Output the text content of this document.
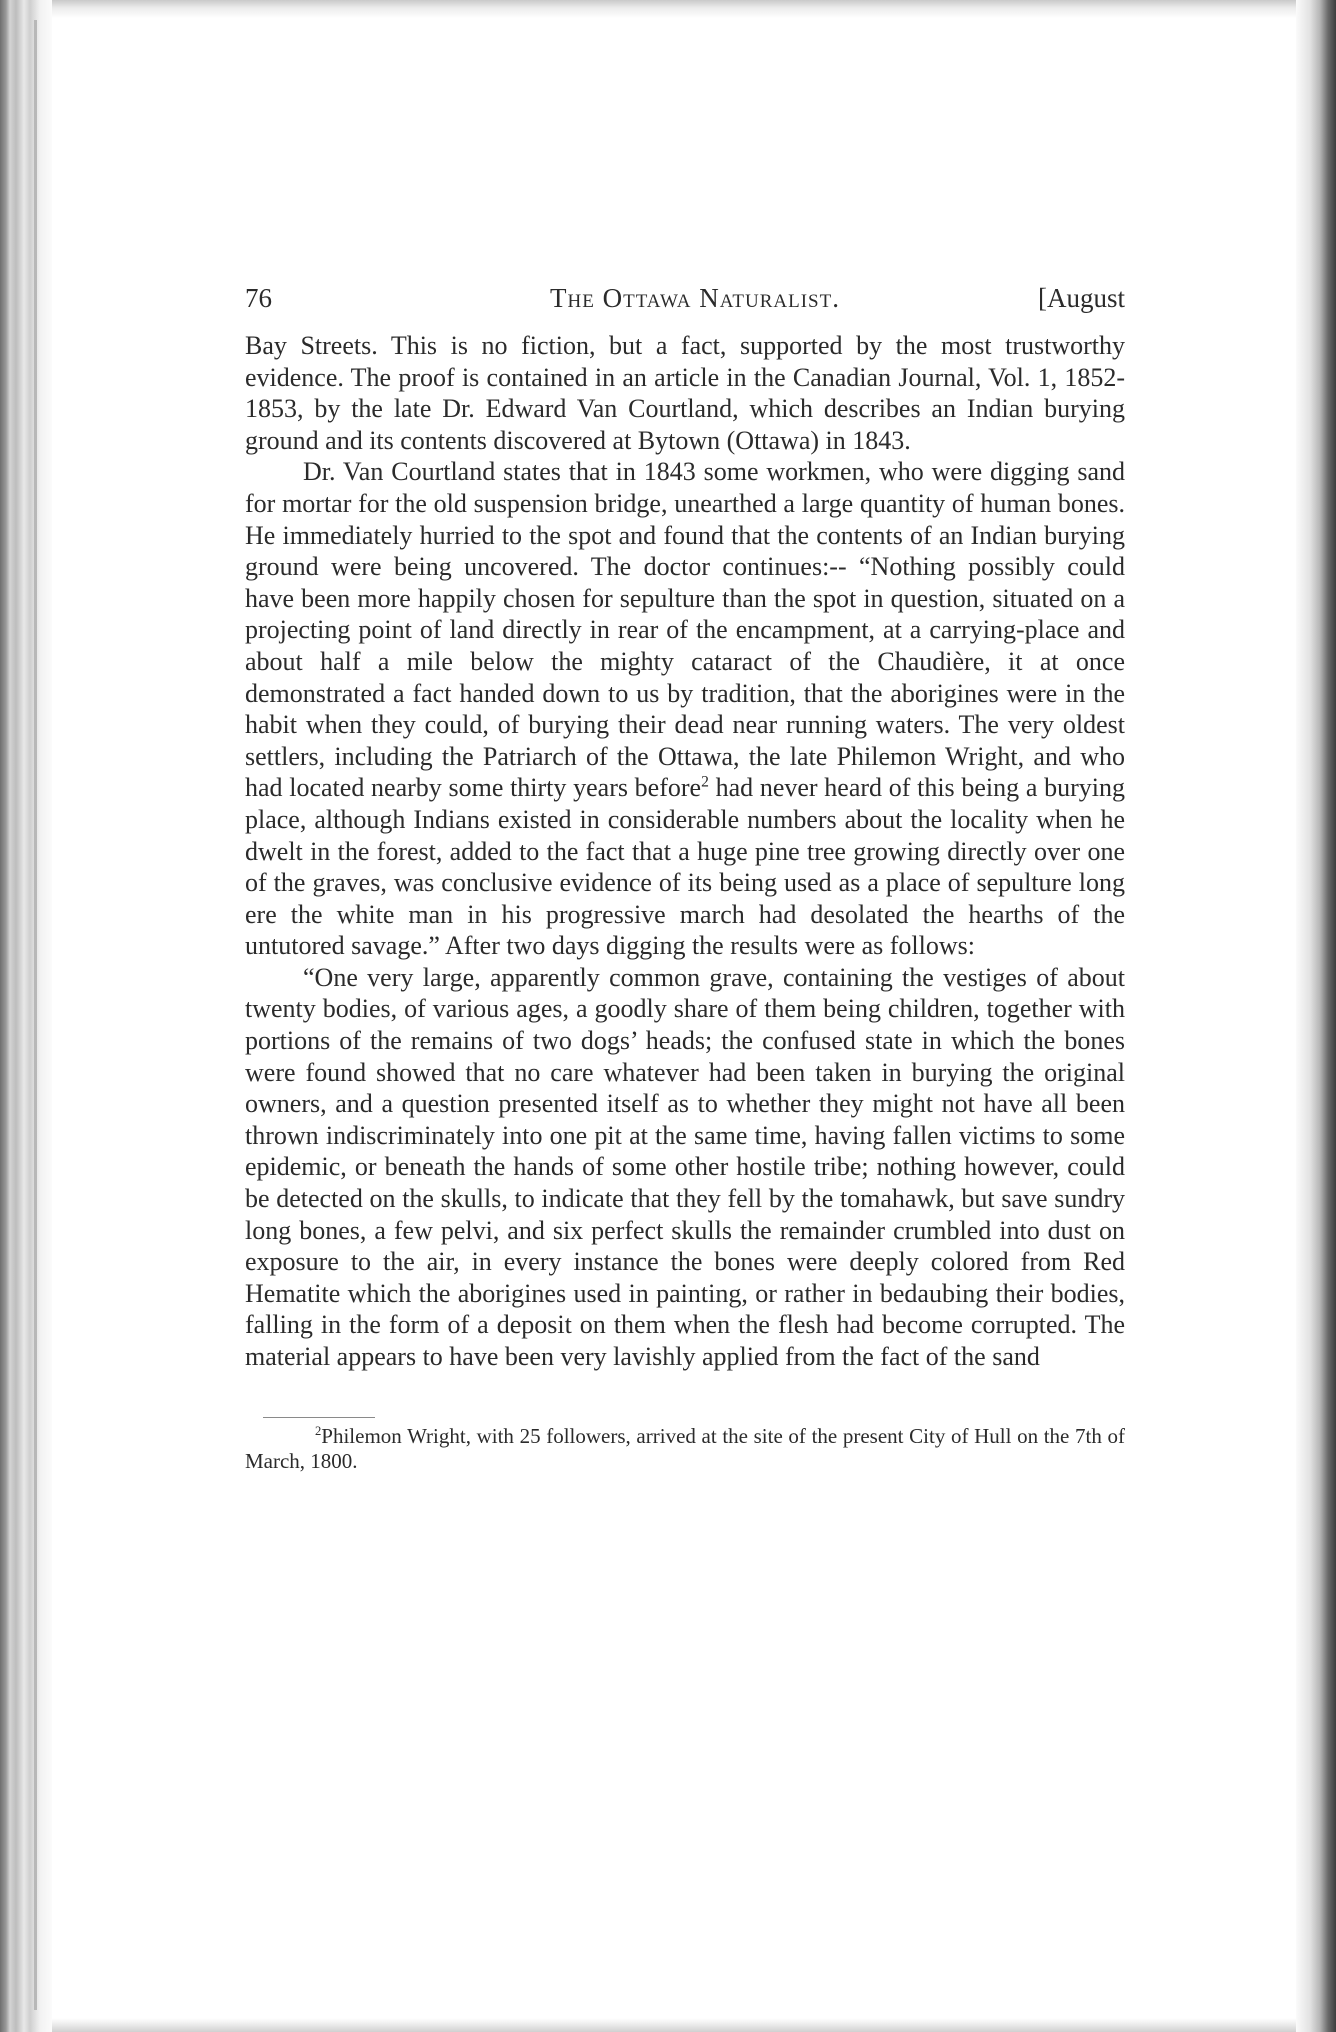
76	The Ottawa Naturalist.	[August

Bay Streets. This is no fiction, but a fact, supported by the most trustworthy evidence. The proof is contained in an article in the Canadian Journal, Vol. 1, 1852-1853, by the late Dr. Edward Van Courtland, which describes an Indian burying ground and its contents discovered at Bytown (Ottawa) in 1843.

Dr. Van Courtland states that in 1843 some workmen, who were digging sand for mortar for the old suspension bridge, unearthed a large quantity of human bones. He immediately hurried to the spot and found that the contents of an Indian burying ground were being uncovered. The doctor continues:-- “Nothing possibly could have been more happily chosen for sepulture than the spot in question, situated on a projecting point of land directly in rear of the encampment, at a carrying-place and about half a mile below the mighty cataract of the Chaudière, it at once demonstrated a fact handed down to us by tradition, that the aborigines were in the habit when they could, of burying their dead near running waters. The very oldest settlers, including the Patriarch of the Ottawa, the late Philemon Wright, and who had located nearby some thirty years before$^2$ had never heard of this being a burying place, although Indians existed in considerable numbers about the locality when he dwelt in the forest, added to the fact that a huge pine tree growing directly over one of the graves, was conclusive evidence of its being used as a place of sepulture long ere the white man in his progressive march had desolated the hearths of the untutored savage.” After two days digging the results were as follows:

“One very large, apparently common grave, containing the vestiges of about twenty bodies, of various ages, a goodly share of them being children, together with portions of the remains of two dogs’ heads; the confused state in which the bones were found showed that no care whatever had been taken in burying the original owners, and a question presented itself as to whether they might not have all been thrown indiscriminately into one pit at the same time, having fallen victims to some epidemic, or beneath the hands of some other hostile tribe; nothing however, could be detected on the skulls, to indicate that they fell by the tomahawk, but save sundry long bones, a few pelvi, and six perfect skulls the remainder crumbled into dust on exposure to the air, in every instance the bones were deeply colored from Red Hematite which the aborigines used in painting, or rather in bedaubing their bodies, falling in the form of a deposit on them when the flesh had become corrupted. The material appears to have been very lavishly applied from the fact of the sand

$^2$Philemon Wright, with 25 followers, arrived at the site of the present City of Hull on the 7th of March, 1800.
